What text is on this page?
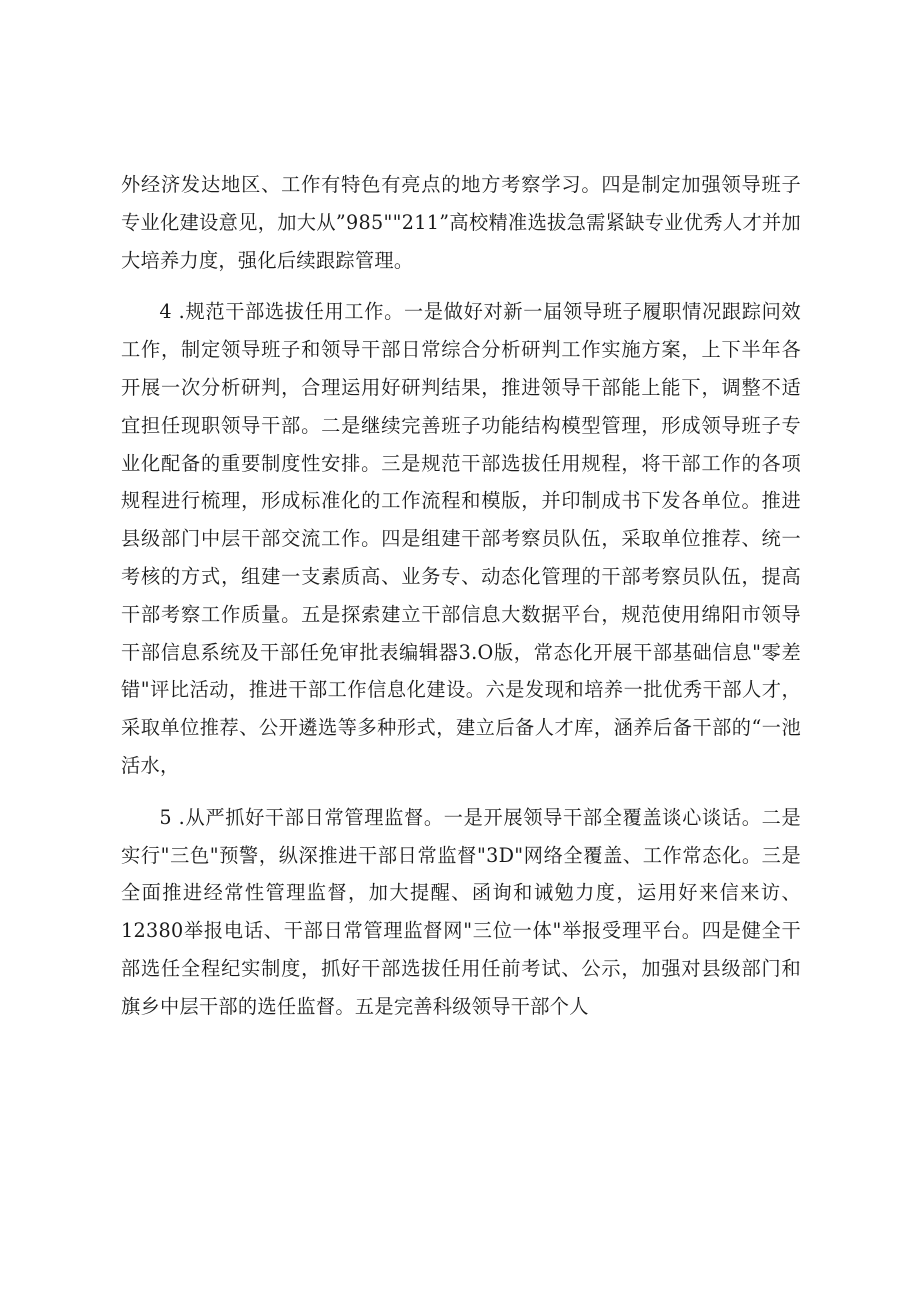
外经济发达地区、工作有特色有亮点的地方考察学习。四是制定加强领导班子专业化建设意见，加大从”985""211”高校精准选拔急需紧缺专业优秀人才并加大培养力度，强化后续跟踪管理。

4 .规范干部选拔任用工作。一是做好对新一届领导班子履职情况跟踪问效工作，制定领导班子和领导干部日常综合分析研判工作实施方案，上下半年各开展一次分析研判，合理运用好研判结果，推进领导干部能上能下，调整不适宜担任现职领导干部。二是继续完善班子功能结构模型管理，形成领导班子专业化配备的重要制度性安排。三是规范干部选拔任用规程，将干部工作的各项规程进行梳理，形成标准化的工作流程和模版，并印制成书下发各单位。推进县级部门中层干部交流工作。四是组建干部考察员队伍，采取单位推荐、统一考核的方式，组建一支素质高、业务专、动态化管理的干部考察员队伍，提高干部考察工作质量。五是探索建立干部信息大数据平台，规范使用绵阳市领导干部信息系统及干部任免审批表编辑器3.O版，常态化开展干部基础信息"零差错"评比活动，推进干部工作信息化建设。六是发现和培养一批优秀干部人才，采取单位推荐、公开遴选等多种形式，建立后备人才库，涵养后备干部的“一池活水，

5 .从严抓好干部日常管理监督。一是开展领导干部全覆盖谈心谈话。二是实行"三色"预警，纵深推进干部日常监督"3D"网络全覆盖、工作常态化。三是全面推进经常性管理监督，加大提醒、函询和诫勉力度，运用好来信来访、12380举报电话、干部日常管理监督网"三位一体"举报受理平台。四是健全干部选任全程纪实制度，抓好干部选拔任用任前考试、公示，加强对县级部门和旗乡中层干部的选任监督。五是完善科级领导干部个人
